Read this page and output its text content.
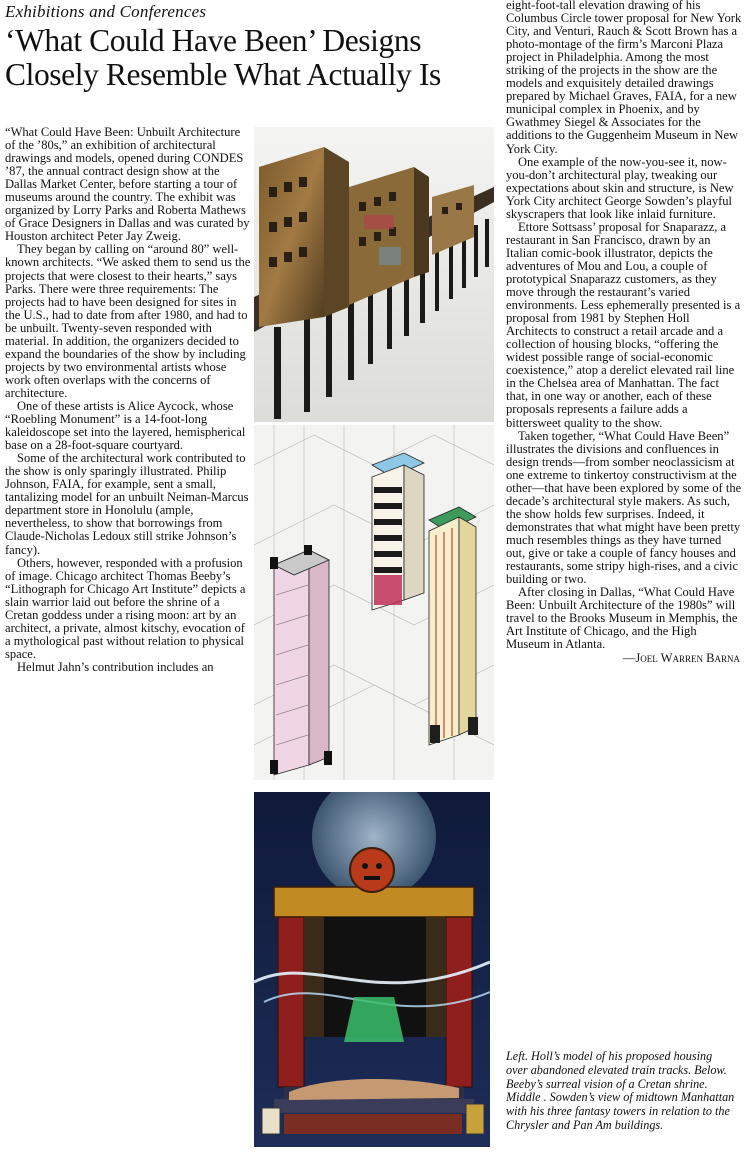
Exhibitions and Conferences
‘What Could Have Been’ Designs Closely Resemble What Actually Is

“What Could Have Been: Unbuilt Architecture of the ’80s,” an exhibition of architectural drawings and models, opened during CONDES ’87, the annual contract design show at the Dallas Market Center, before starting a tour of museums around the country. The exhibit was organized by Lorry Parks and Roberta Mathews of Grace Designers in Dallas and was curated by Houston architect Peter Jay Zweig.

They began by calling on “around 80” well-known architects. “We asked them to send us the projects that were closest to their hearts,” says Parks. There were three requirements: The projects had to have been designed for sites in the U.S., had to date from after 1980, and had to be unbuilt. Twenty-seven responded with material. In addition, the organizers decided to expand the boundaries of the show by including projects by two environmental artists whose work often overlaps with the concerns of architecture.

One of these artists is Alice Aycock, whose “Roebling Monument” is a 14-foot-long kaleidoscope set into the layered, hemispherical base on a 28-foot-square courtyard.

Some of the architectural work contributed to the show is only sparingly illustrated. Philip Johnson, FAIA, for example, sent a small, tantalizing model for an unbuilt Neiman-Marcus department store in Honolulu (ample, nevertheless, to show that borrowings from Claude-Nicholas Ledoux still strike Johnson’s fancy).

Others, however, responded with a profusion of image. Chicago architect Thomas Beeby’s “Lithograph for Chicago Art Institute” depicts a slain warrior laid out before the shrine of a Cretan goddess under a rising moon: art by an architect, a private, almost kitschy, evocation of a mythological past without relation to physical space.

Helmut Jahn’s contribution includes an

eight-foot-tall elevation drawing of his Columbus Circle tower proposal for New York City, and Venturi, Rauch & Scott Brown has a photo-montage of the firm’s Marconi Plaza project in Philadelphia. Among the most striking of the projects in the show are the models and exquisitely detailed drawings prepared by Michael Graves, FAIA, for a new municipal complex in Phoenix, and by Gwathmey Siegel & Associates for the additions to the Guggenheim Museum in New York City.

One example of the now-you-see it, now-you-don’t architectural play, tweaking our expectations about skin and structure, is New York City architect George Sowden’s playful skyscrapers that look like inlaid furniture.

Ettore Sottsass’ proposal for Snaparazz, a restaurant in San Francisco, drawn by an Italian comic-book illustrator, depicts the adventures of Mou and Lou, a couple of prototypical Snaparazz customers, as they move through the restaurant’s varied environments. Less ephemerally presented is a proposal from 1981 by Stephen Holl Architects to construct a retail arcade and a collection of housing blocks, “offering the widest possible range of social-economic coexistence,” atop a derelict elevated rail line in the Chelsea area of Manhattan. The fact that, in one way or another, each of these proposals represents a failure adds a bittersweet quality to the show.

Taken together, “What Could Have Been” illustrates the divisions and confluences in design trends—from somber neoclassicism at one extreme to tinkertoy constructivism at the other—that have been explored by some of the decade’s architectural style makers. As such, the show holds few surprises. Indeed, it demonstrates that what might have been pretty much resembles things as they have turned out, give or take a couple of fancy houses and restaurants, some stripy high-rises, and a civic building or two.

After closing in Dallas, “What Could Have Been: Unbuilt Architecture of the 1980s” will travel to the Brooks Museum in Memphis, the Art Institute of Chicago, and the High Museum in Atlanta.

—Joel Warren Barna
Left. Holl’s model of his proposed housing over abandoned elevated train tracks. Below. Beeby’s surreal vision of a Cretan shrine. Middle . Sowden’s view of midtown Manhattan with his three fantasy towers in relation to the Chrysler and Pan Am buildings.
